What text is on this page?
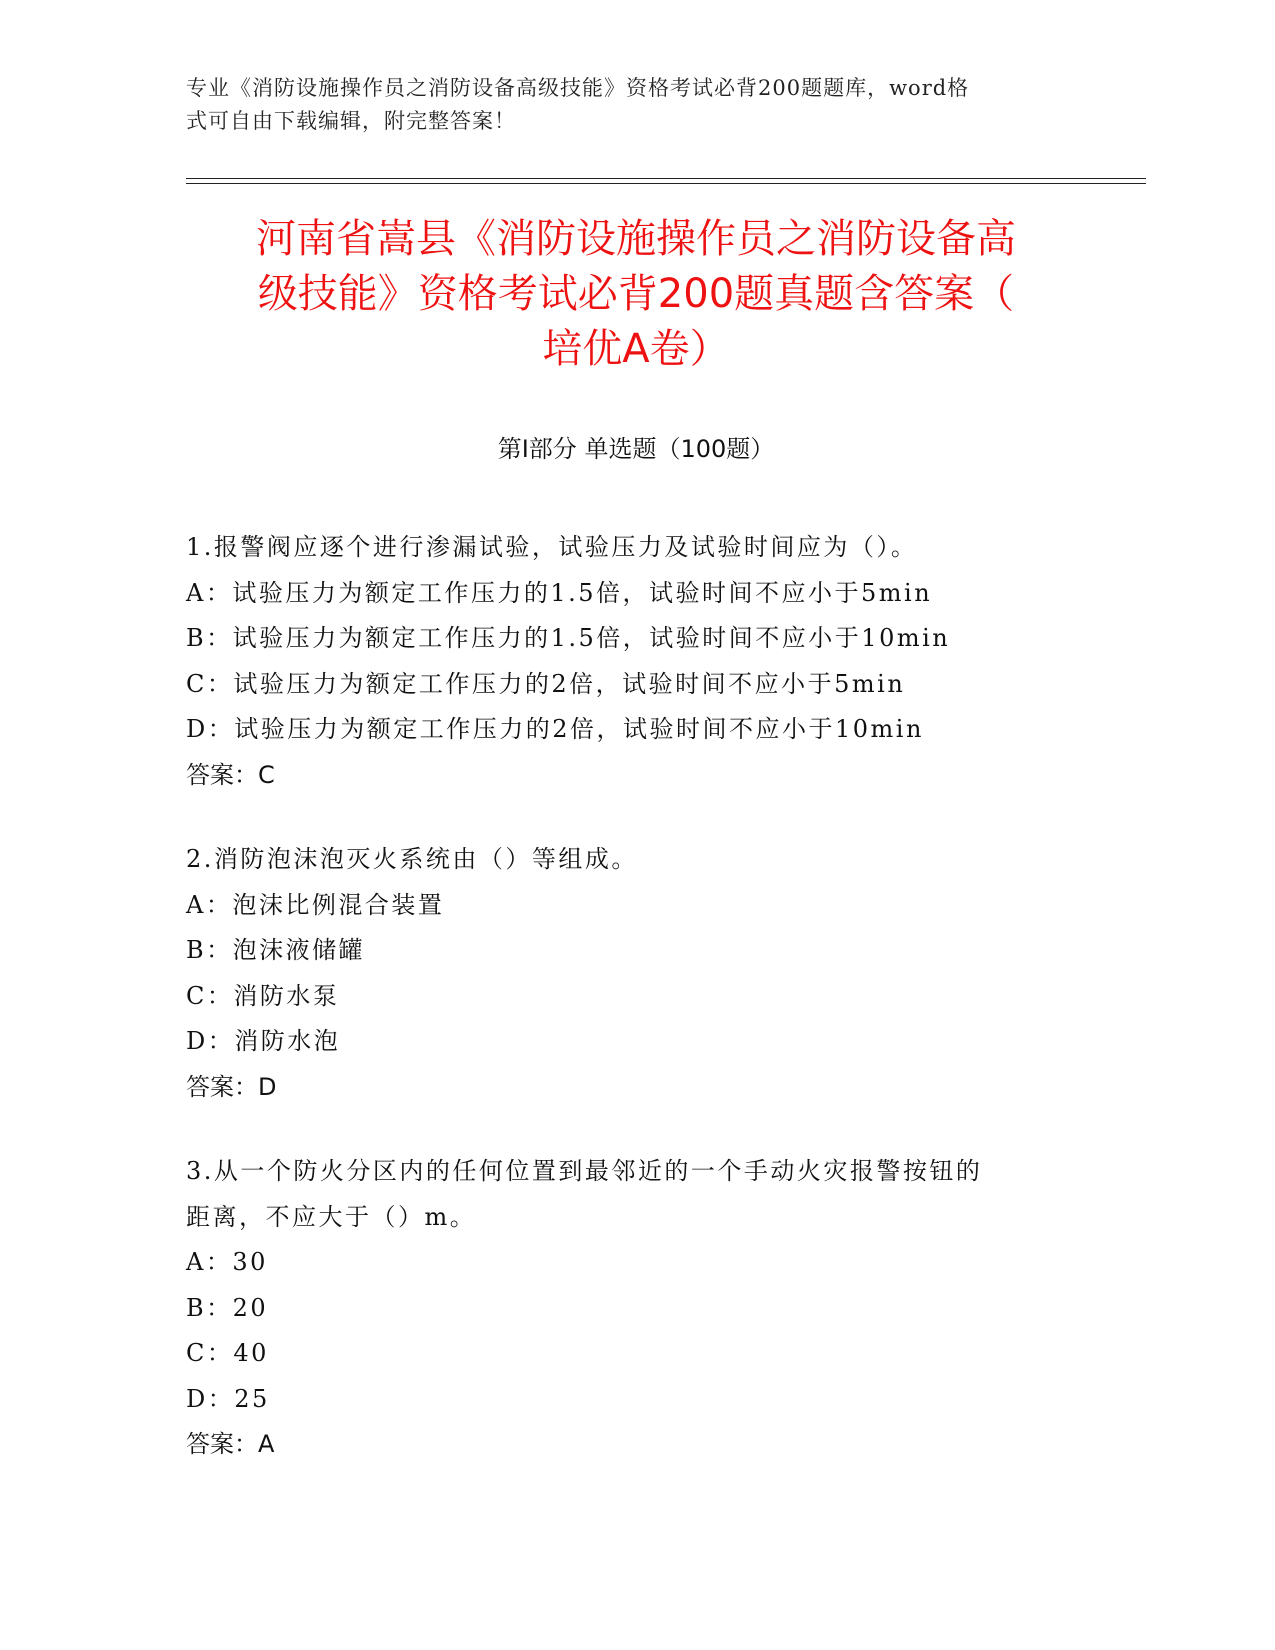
专业《消防设施操作员之消防设备高级技能》资格考试必背200题题库，word格
式可自由下载编辑，附完整答案！
河南省嵩县《消防设施操作员之消防设备高
级技能》资格考试必背200题真题含答案（
培优A卷）
第Ⅰ部分 单选题（100题）

1.报警阀应逐个进行渗漏试验，试验压力及试验时间应为（）。

A：试验压力为额定工作压力的1.5倍，试验时间不应小于5min

B：试验压力为额定工作压力的1.5倍，试验时间不应小于10min

C：试验压力为额定工作压力的2倍，试验时间不应小于5min

D：试验压力为额定工作压力的2倍，试验时间不应小于10min

答案：C

2.消防泡沫泡灭火系统由（）等组成。

A：泡沫比例混合装置

B：泡沫液储罐

C：消防水泵

D：消防水泡

答案：D

3.从一个防火分区内的任何位置到最邻近的一个手动火灾报警按钮的

距离，不应大于（）m。

A：30

B：20

C：40

D：25

答案：A
